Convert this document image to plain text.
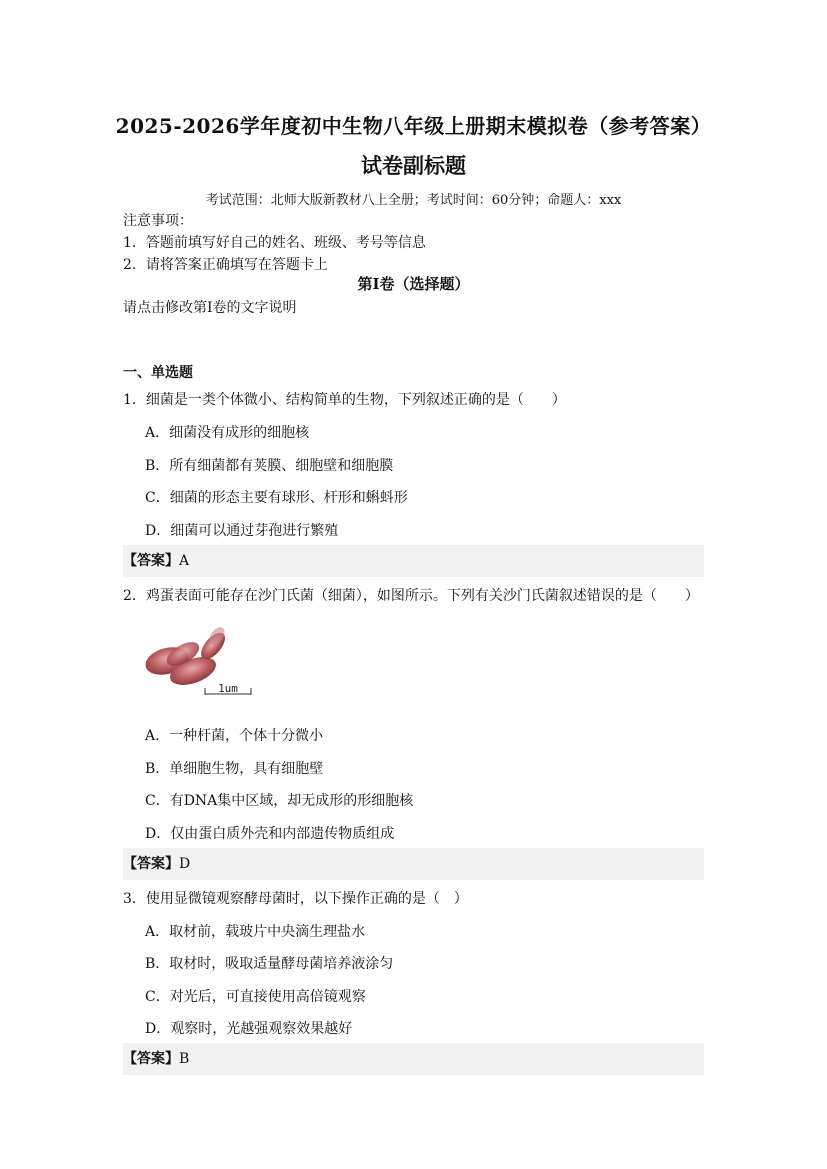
2025-2026学年度初中生物八年级上册期末模拟卷（参考答案）
试卷副标题
考试范围：北师大版新教材八上全册；考试时间：60分钟；命题人：xxx
注意事项：
1．答题前填写好自己的姓名、班级、考号等信息
2．请将答案正确填写在答题卡上
第I卷（选择题）
请点击修改第I卷的文字说明
一、单选题
1．细菌是一类个体微小、结构简单的生物，下列叙述正确的是（　　）
A．细菌没有成形的细胞核
B．所有细菌都有荚膜、细胞壁和细胞膜
C．细菌的形态主要有球形、杆形和蝌蚪形
D．细菌可以通过芽孢进行繁殖
【答案】A
2．鸡蛋表面可能存在沙门氏菌（细菌），如图所示。下列有关沙门氏菌叙述错误的是（　　）
1um
A．一种杆菌，个体十分微小
B．单细胞生物，具有细胞壁
C．有DNA集中区域，却无成形的形细胞核
D．仅由蛋白质外壳和内部遗传物质组成
【答案】D
3．使用显微镜观察酵母菌时，以下操作正确的是（　）
A．取材前，载玻片中央滴生理盐水
B．取材时，吸取适量酵母菌培养液涂匀
C．对光后，可直接使用高倍镜观察
D．观察时，光越强观察效果越好
【答案】B
